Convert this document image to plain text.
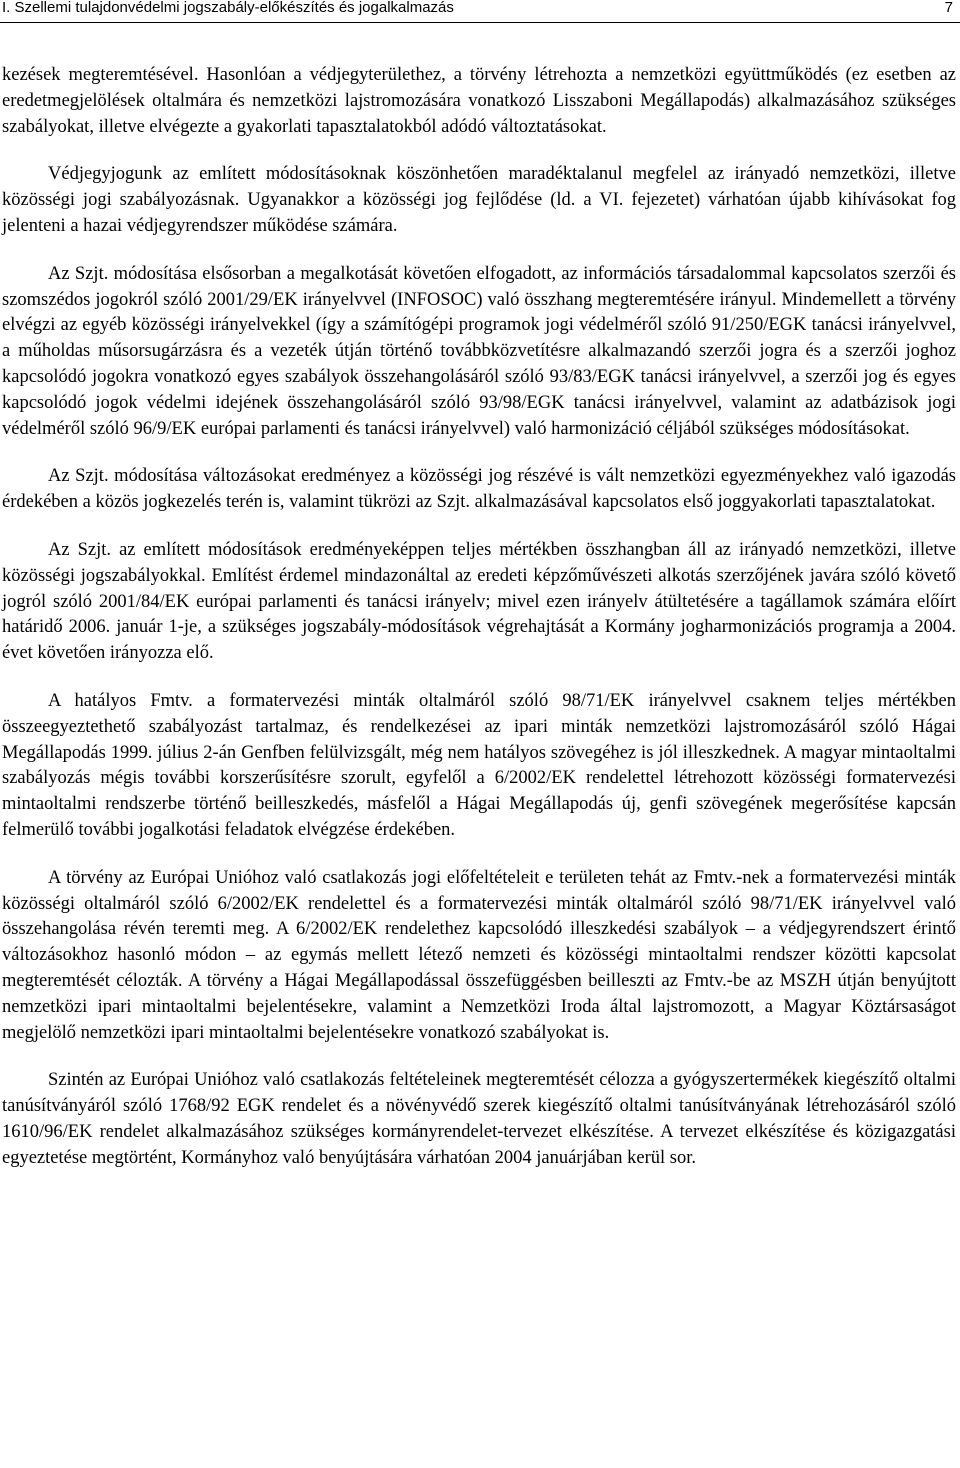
I. Szellemi tulajdonvédelmi jogszabály-előkészítés és jogalkalmazás	7

kezések megteremtésével. Hasonlóan a védjegyterülethez, a törvény létrehozta a nemzetközi együttműködés (ez esetben az eredetmegjelölések oltalmára és nemzetközi lajstromozására vonatkozó Lisszaboni Megállapodás) alkalmazásához szükséges szabályokat, illetve elvégezte a gyakorlati tapasztalatokból adódó változtatásokat.

Védjegyjogunk az említett módosításoknak köszönhetően maradéktalanul megfelel az irányadó nemzetközi, illetve közösségi jogi szabályozásnak. Ugyanakkor a közösségi jog fejlődése (ld. a VI. fejezetet) várhatóan újabb kihívásokat fog jelenteni a hazai védjegyrendszer működése számára.

Az Szjt. módosítása elsősorban a megalkotását követően elfogadott, az információs társadalommal kapcsolatos szerzői és szomszédos jogokról szóló 2001/29/EK irányelvvel (INFOSOC) való összhang megteremtésére irányul. Mindemellett a törvény elvégzi az egyéb közösségi irányelvekkel (így a számítógépi programok jogi védelméről szóló 91/250/EGK tanácsi irányelvvel, a műholdas műsorsugárzásra és a vezeték útján történő továbbközvetítésre alkalmazandó szerzői jogra és a szerzői joghoz kapcsolódó jogokra vonatkozó egyes szabályok összehangolásáról szóló 93/83/EGK tanácsi irányelvvel, a szerzői jog és egyes kapcsolódó jogok védelmi idejének összehangolásáról szóló 93/98/EGK tanácsi irányelvvel, valamint az adatbázisok jogi védelméről szóló 96/9/EK európai parlamenti és tanácsi irányelvvel) való harmonizáció céljából szükséges módosításokat.

Az Szjt. módosítása változásokat eredményez a közösségi jog részévé is vált nemzetközi egyezményekhez való igazodás érdekében a közös jogkezelés terén is, valamint tükrözi az Szjt. alkalmazásával kapcsolatos első joggyakorlati tapasztalatokat.

Az Szjt. az említett módosítások eredményeképpen teljes mértékben összhangban áll az irányadó nemzetközi, illetve közösségi jogszabályokkal. Említést érdemel mindazonáltal az eredeti képzőművészeti alkotás szerzőjének javára szóló követő jogról szóló 2001/84/EK európai parlamenti és tanácsi irányelv; mivel ezen irányelv átültetésére a tagállamok számára előírt határidő 2006. január 1-je, a szükséges jogszabály-módosítások végrehajtását a Kormány jogharmonizációs programja a 2004. évet követően irányozza elő.

A hatályos Fmtv. a formatervezési minták oltalmáról szóló 98/71/EK irányelvvel csaknem teljes mértékben összeegyeztethető szabályozást tartalmaz, és rendelkezései az ipari minták nemzetközi lajstromozásáról szóló Hágai Megállapodás 1999. július 2-án Genfben felülvizsgált, még nem hatályos szövegéhez is jól illeszkednek. A magyar mintaoltalmi szabályozás mégis további korszerűsítésre szorult, egyfelől a 6/2002/EK rendelettel létrehozott közösségi formatervezési mintaoltalmi rendszerbe történő beilleszkedés, másfelől a Hágai Megállapodás új, genfi szövegének megerősítése kapcsán felmerülő további jogalkotási feladatok elvégzése érdekében.

A törvény az Európai Unióhoz való csatlakozás jogi előfeltételeit e területen tehát az Fmtv.-nek a formatervezési minták közösségi oltalmáról szóló 6/2002/EK rendelettel és a formatervezési minták oltalmáról szóló 98/71/EK irányelvvel való összehangolása révén teremti meg. A 6/2002/EK rendelethez kapcsolódó illeszkedési szabályok – a védjegyrendszert érintő változásokhoz hasonló módon – az egymás mellett létező nemzeti és közösségi mintaoltalmi rendszer közötti kapcsolat megteremtését célozták. A törvény a Hágai Megállapodással összefüggésben beilleszti az Fmtv.-be az MSZH útján benyújtott nemzetközi ipari mintaoltalmi bejelentésekre, valamint a Nemzetközi Iroda által lajstromozott, a Magyar Köztársaságot megjelölő nemzetközi ipari mintaoltalmi bejelentésekre vonatkozó szabályokat is.

Szintén az Európai Unióhoz való csatlakozás feltételeinek megteremtését célozza a gyógyszertermékek kiegészítő oltalmi tanúsítványáról szóló 1768/92 EGK rendelet és a növényvédő szerek kiegészítő oltalmi tanúsítványának létrehozásáról szóló 1610/96/EK rendelet alkalmazásához szükséges kormányrendelet-tervezet elkészítése. A tervezet elkészítése és közigazgatási egyeztetése megtörtént, Kormányhoz való benyújtására várhatóan 2004 januárjában kerül sor.
